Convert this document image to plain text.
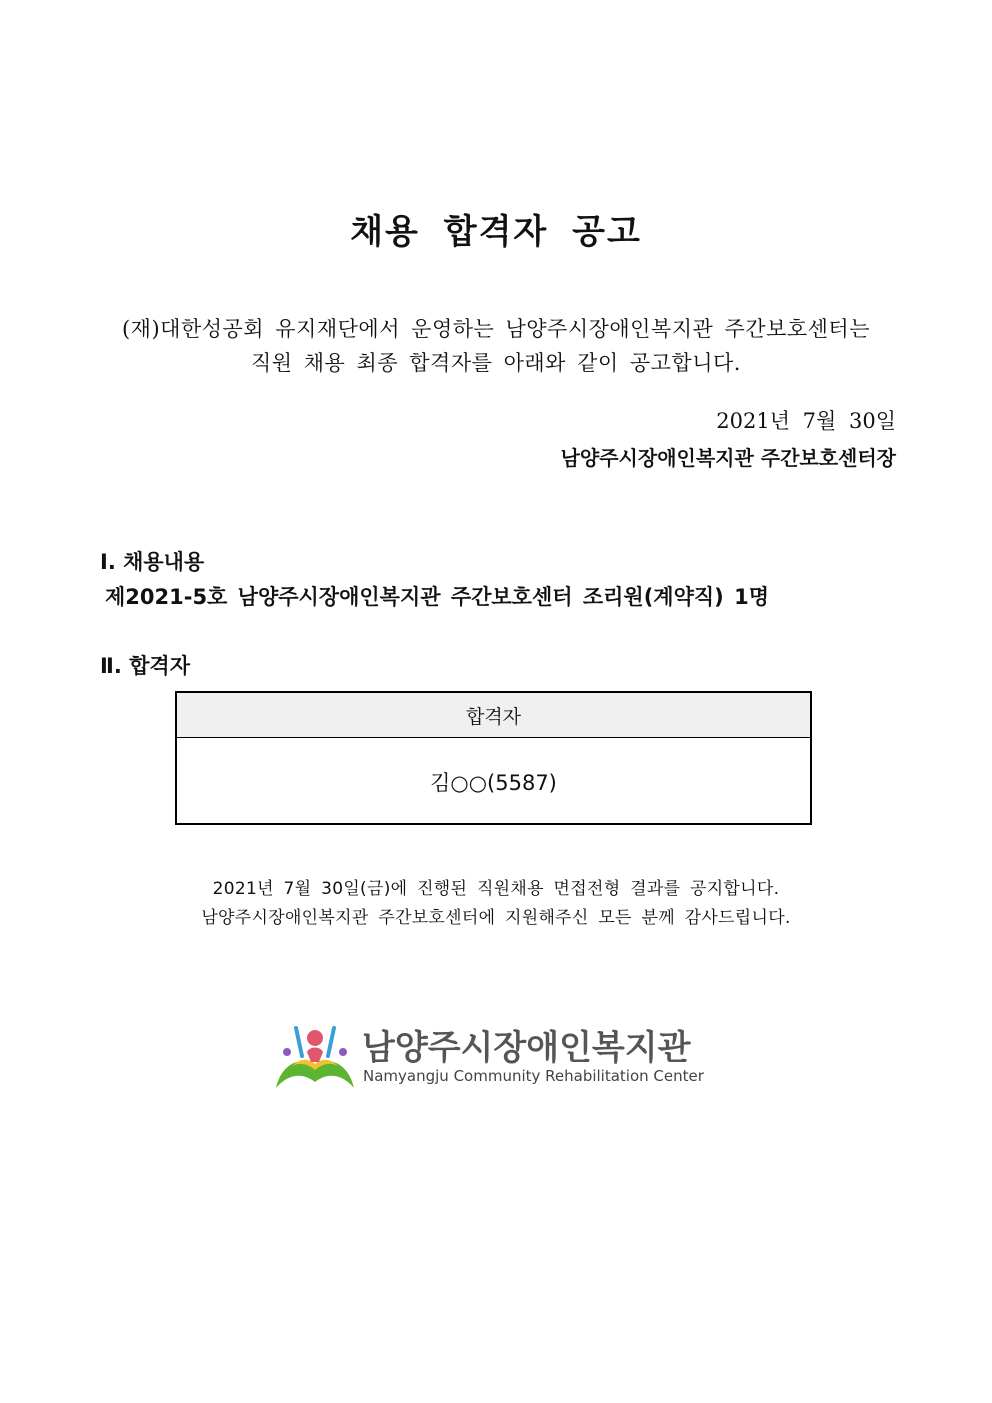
채용 합격자 공고
(재)대한성공회 유지재단에서 운영하는 남양주시장애인복지관 주간보호센터는
직원 채용 최종 합격자를 아래와 같이 공고합니다.
2021년 7월 30일
남양주시장애인복지관 주간보호센터장
Ⅰ. 채용내용
제2021-5호 남양주시장애인복지관 주간보호센터 조리원(계약직) 1명
Ⅱ. 합격자
합격자
김○○(5587)
2021년 7월 30일(금)에 진행된 직원채용 면접전형 결과를 공지합니다.
남양주시장애인복지관 주간보호센터에 지원해주신 모든 분께 감사드립니다.
남양주시장애인복지관
Namyangju Community Rehabilitation Center
